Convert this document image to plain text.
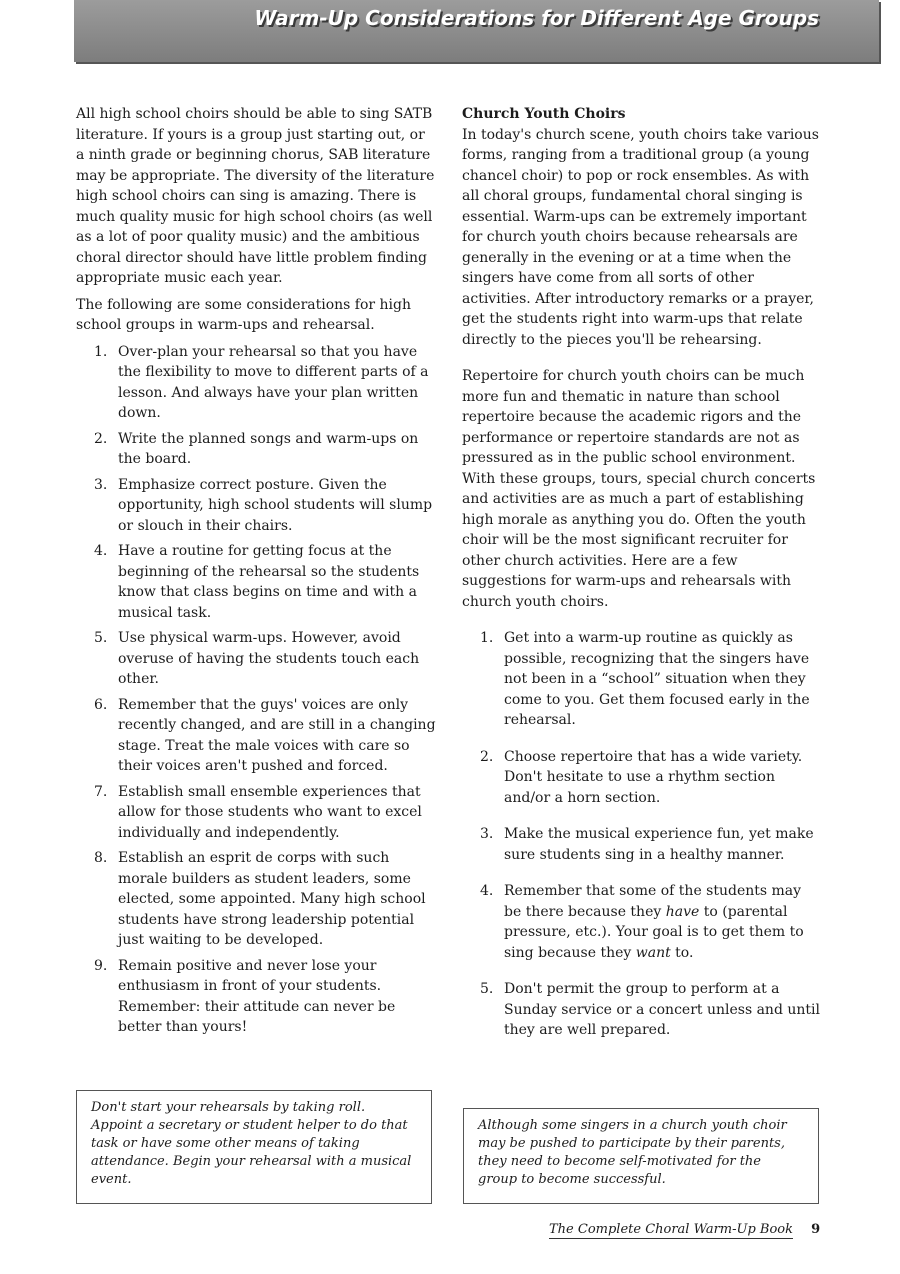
Warm-Up Considerations for Different Age Groups

All high school choirs should be able to sing SATB literature. If yours is a group just starting out, or a ninth grade or beginning chorus, SAB literature may be appropriate. The diversity of the literature high school choirs can sing is amazing. There is much quality music for high school choirs (as well as a lot of poor quality music) and the ambitious choral director should have little problem finding appropriate music each year.

The following are some considerations for high school groups in warm-ups and rehearsal.

1. Over-plan your rehearsal so that you have the flexibility to move to different parts of a lesson. And always have your plan written down.
2. Write the planned songs and warm-ups on the board.
3. Emphasize correct posture. Given the opportunity, high school students will slump or slouch in their chairs.
4. Have a routine for getting focus at the beginning of the rehearsal so the students know that class begins on time and with a musical task.
5. Use physical warm-ups. However, avoid overuse of having the students touch each other.
6. Remember that the guys' voices are only recently changed, and are still in a changing stage. Treat the male voices with care so their voices aren't pushed and forced.
7. Establish small ensemble experiences that allow for those students who want to excel individually and independently.
8. Establish an esprit de corps with such morale builders as student leaders, some elected, some appointed. Many high school students have strong leadership potential just waiting to be developed.
9. Remain positive and never lose your enthusiasm in front of your students. Remember: their attitude can never be better than yours!
Don't start your rehearsals by taking roll. Appoint a secretary or student helper to do that task or have some other means of taking attendance. Begin your rehearsal with a musical event.

Church Youth Choirs

In today's church scene, youth choirs take various forms, ranging from a traditional group (a young chancel choir) to pop or rock ensembles. As with all choral groups, fundamental choral singing is essential. Warm-ups can be extremely important for church youth choirs because rehearsals are generally in the evening or at a time when the singers have come from all sorts of other activities. After introductory remarks or a prayer, get the students right into warm-ups that relate directly to the pieces you'll be rehearsing.

Repertoire for church youth choirs can be much more fun and thematic in nature than school repertoire because the academic rigors and the performance or repertoire standards are not as pressured as in the public school environment. With these groups, tours, special church concerts and activities are as much a part of establishing high morale as anything you do. Often the youth choir will be the most significant recruiter for other church activities. Here are a few suggestions for warm-ups and rehearsals with church youth choirs.

1. Get into a warm-up routine as quickly as possible, recognizing that the singers have not been in a “school” situation when they come to you. Get them focused early in the rehearsal.
2. Choose repertoire that has a wide variety. Don't hesitate to use a rhythm section and/or a horn section.
3. Make the musical experience fun, yet make sure students sing in a healthy manner.
4. Remember that some of the students may be there because they have to (parental pressure, etc.). Your goal is to get them to sing because they want to.
5. Don't permit the group to perform at a Sunday service or a concert unless and until they are well prepared.
Although some singers in a church youth choir may be pushed to participate by their parents, they need to become self-motivated for the group to become successful.
The Complete Choral Warm-Up Book 9
